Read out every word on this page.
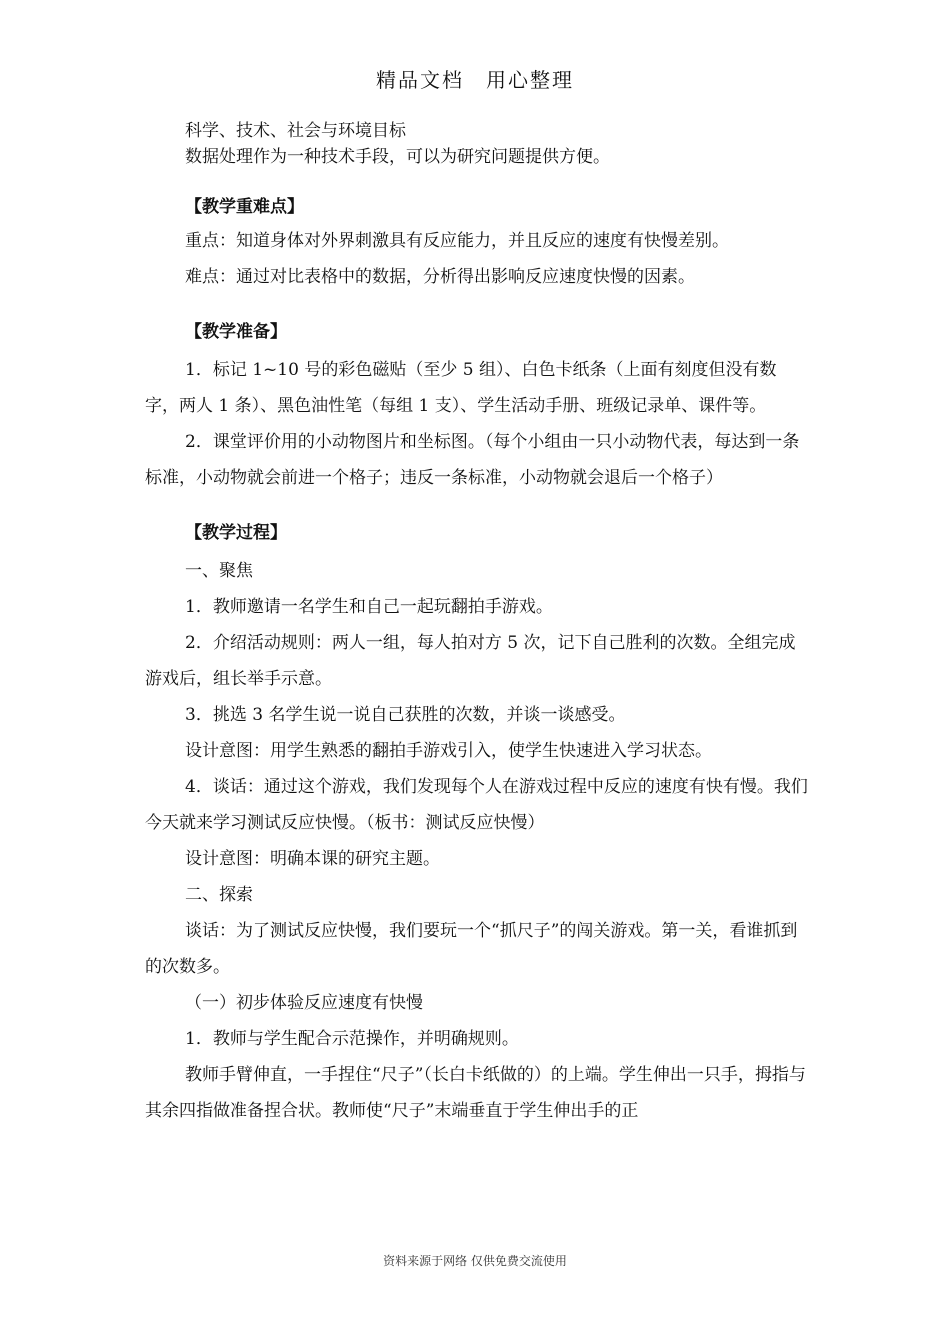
精品文档　用心整理

科学、技术、社会与环境目标

数据处理作为一种技术手段，可以为研究问题提供方便。

【教学重难点】

重点：知道身体对外界刺激具有反应能力，并且反应的速度有快慢差别。

难点：通过对比表格中的数据，分析得出影响反应速度快慢的因素。

【教学准备】

1．标记 1~10 号的彩色磁贴（至少 5 组）、白色卡纸条（上面有刻度但没有数字，两人 1 条）、黑色油性笔（每组 1 支）、学生活动手册、班级记录单、课件等。

2．课堂评价用的小动物图片和坐标图。（每个小组由一只小动物代表，每达到一条标准，小动物就会前进一个格子；违反一条标准，小动物就会退后一个格子）

【教学过程】

一、聚焦

1．教师邀请一名学生和自己一起玩翻拍手游戏。

2．介绍活动规则：两人一组，每人拍对方 5 次，记下自己胜利的次数。全组完成游戏后，组长举手示意。

3．挑选 3 名学生说一说自己获胜的次数，并谈一谈感受。

设计意图：用学生熟悉的翻拍手游戏引入，使学生快速进入学习状态。

4．谈话：通过这个游戏，我们发现每个人在游戏过程中反应的速度有快有慢。我们今天就来学习测试反应快慢。（板书：测试反应快慢）

设计意图：明确本课的研究主题。

二、探索

谈话：为了测试反应快慢，我们要玩一个“抓尺子”的闯关游戏。第一关，看谁抓到的次数多。

（一）初步体验反应速度有快慢

1．教师与学生配合示范操作，并明确规则。

教师手臂伸直，一手捏住“尺子”（长白卡纸做的）的上端。学生伸出一只手，拇指与其余四指做准备捏合状。教师使“尺子”末端垂直于学生伸出手的正

资料来源于网络 仅供免费交流使用
